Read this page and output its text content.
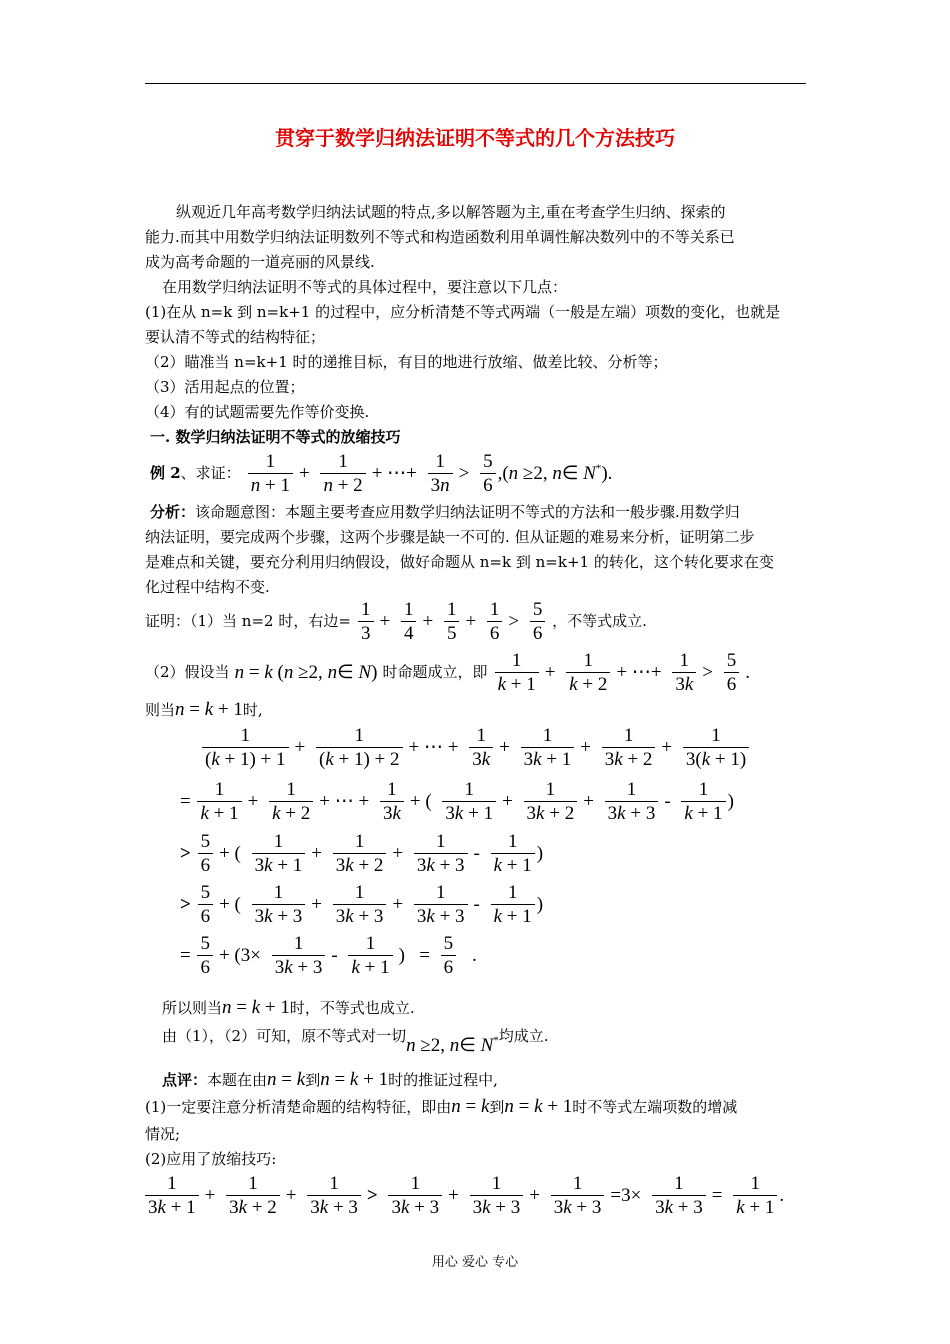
贯穿于数学归纳法证明不等式的几个方法技巧
纵观近几年高考数学归纳法试题的特点,多以解答题为主,重在考查学生归纳、探索的
能力.而其中用数学归纳法证明数列不等式和构造函数利用单调性解决数列中的不等关系已
成为高考命题的一道亮丽的风景线.
在用数学归纳法证明不等式的具体过程中，要注意以下几点：
(1)在从 n=k 到 n=k+1 的过程中，应分析清楚不等式两端（一般是左端）项数的变化，也就是
要认清不等式的结构特征；
（2）瞄准当 n=k+1 时的递推目标，有目的地进行放缩、做差比较、分析等；
（3）活用起点的位置；
（4）有的试题需要先作等价变换.
一. 数学归纳法证明不等式的放缩技巧
例 2、求证： $\frac{1}{n + 1} + \frac{1}{n + 2}$ + ⋯+ $\frac{1}{3n} > \frac{5}{6} ,(n \ge 2$, n∈ N*).
分析：该命题意图：本题主要考查应用数学归纳法证明不等式的方法和一般步骤.用数学归
纳法证明，要完成两个步骤，这两个步骤是缺一不可的. 但从证题的难易来分析，证明第二步
是难点和关键，要充分利用归纳假设，做好命题从 n=k 到 n=k+1 的转化，这个转化要求在变
化过程中结构不变.
证明：（1）当 n=2 时，右边= $\frac{1}{3} + \frac{1}{4} + \frac{1}{5} + \frac{1}{6} > \frac{5}{6}$ ，不等式成立.
（2）假设当 n = k (n ≥2, n∈ N) 时命题成立，即 $\frac{1}{k + 1} + \frac{1}{k + 2}$ + ⋯+ $\frac{1}{3k} > \frac{5}{6}$ .
则当n = k + 1时,
$\frac{1}{(k + 1) + 1} + \frac{1}{(k + 1) + 2}$ + ⋯ + $\frac{1}{3k} + \frac{1}{3k + 1} + \frac{1}{3k + 2} + \frac{1}{3(k + 1)}$
= $\frac{1}{k + 1} + \frac{1}{k + 2}$ + ⋯ + $\frac{1}{3k}$ + ( $\frac{1}{3k + 1} + \frac{1}{3k + 2} + \frac{1}{3k + 3} - \frac{1}{k + 1}$ )
> $\frac{5}{6}$ + ( $\frac{1}{3k + 1} + \frac{1}{3k + 2} + \frac{1}{3k + 3} - \frac{1}{k + 1}$ )
> $\frac{5}{6}$ + ( $\frac{1}{3k + 3} + \frac{1}{3k + 3} + \frac{1}{3k + 3} - \frac{1}{k + 1}$ )
= $\frac{5}{6} + (3\times \frac{1}{3k + 3} - \frac{1}{k + 1}$ )   = $\frac{5}{6}$ .
所以则当n = k + 1时，不等式也成立.
由（1），（2）可知，原不等式对一切n ≥2, n∈ N*均成立.
点评：本题在由n = k到n = k + 1时的推证过程中,
(1)一定要注意分析清楚命题的结构特征，即由n = k到n = k + 1时不等式左端项数的增减
情况;
(2)应用了放缩技巧:
$\frac{1}{3k + 1} + \frac{1}{3k + 2} + \frac{1}{3k + 3} > \frac{1}{3k + 3} + \frac{1}{3k + 3} + \frac{1}{3k + 3} =3\times \frac{1}{3k + 3} = \frac{1}{k + 1}$ .
用心 爱心 专心
